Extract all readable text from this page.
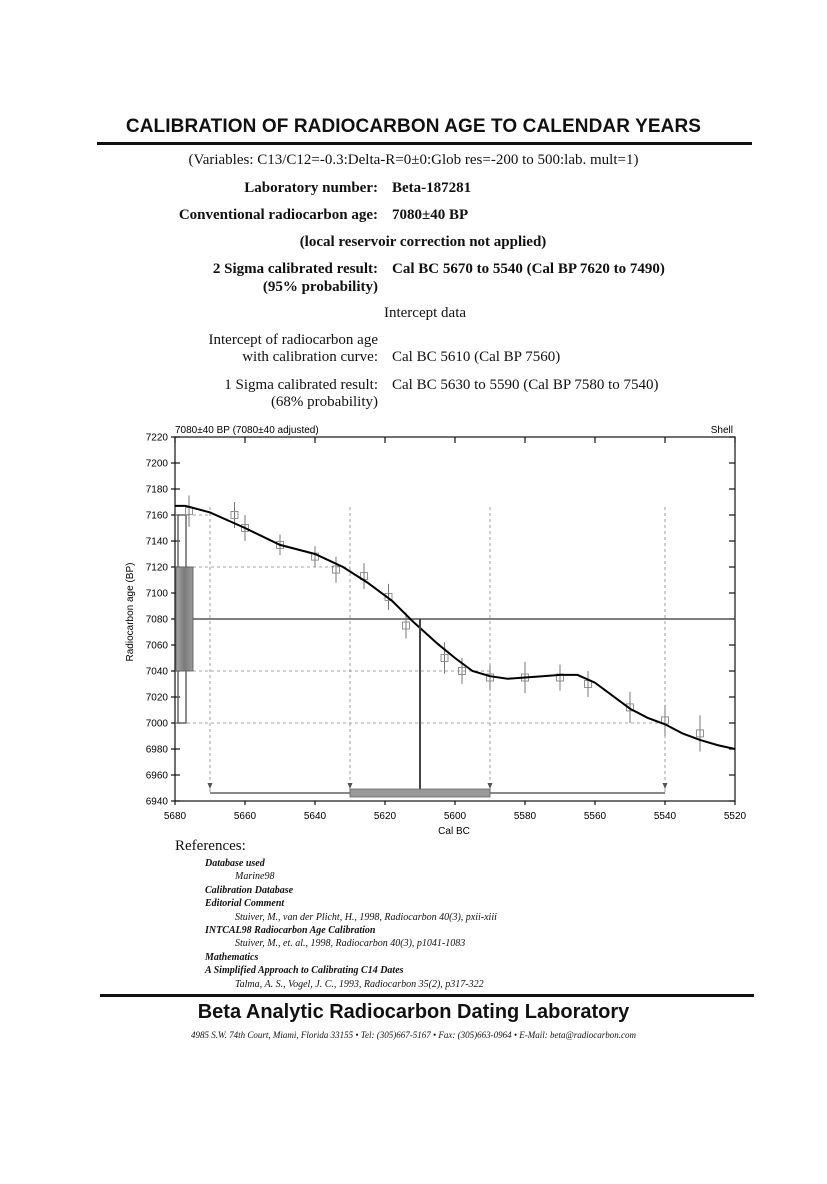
CALIBRATION OF RADIOCARBON AGE TO CALENDAR YEARS
(Variables: C13/C12=-0.3:Delta-R=0±0:Glob res=-200 to 500:lab. mult=1)
Laboratory number: Beta-187281
Conventional radiocarbon age: 7080±40 BP
(local reservoir correction not applied)
2 Sigma calibrated result:
(95% probability)
Cal BC 5670 to 5540 (Cal BP 7620 to 7490)
Intercept data
Intercept of radiocarbon age
with calibration curve: Cal BC 5610 (Cal BP 7560)
1 Sigma calibrated result:
(68% probability)
Cal BC 5630 to 5590 (Cal BP 7580 to 7540)
7080±40 BP (7080±40 adjusted)	Shell
Radiocarbon age (BP)
Cal BC
7220
7200
7180
7160
7140
7120
7100
7080
7060
7040
7020
7000
6980
6960
6940
5680	5660	5640	5620	5600	5580	5560	5540	5520
References:
Database used
Marine98
Calibration Database
Editorial Comment
Stuiver, M., van der Plicht, H., 1998, Radiocarbon 40(3), pxii-xiii
INTCAL98 Radiocarbon Age Calibration
Stuiver, M., et. al., 1998, Radiocarbon 40(3), p1041-1083
Mathematics
A Simplified Approach to Calibrating C14 Dates
Talma, A. S., Vogel, J. C., 1993, Radiocarbon 35(2), p317-322
Beta Analytic Radiocarbon Dating Laboratory
4985 S.W. 74th Court, Miami, Florida 33155 • Tel: (305)667-5167 • Fax: (305)663-0964 • E-Mail: beta@radiocarbon.com
